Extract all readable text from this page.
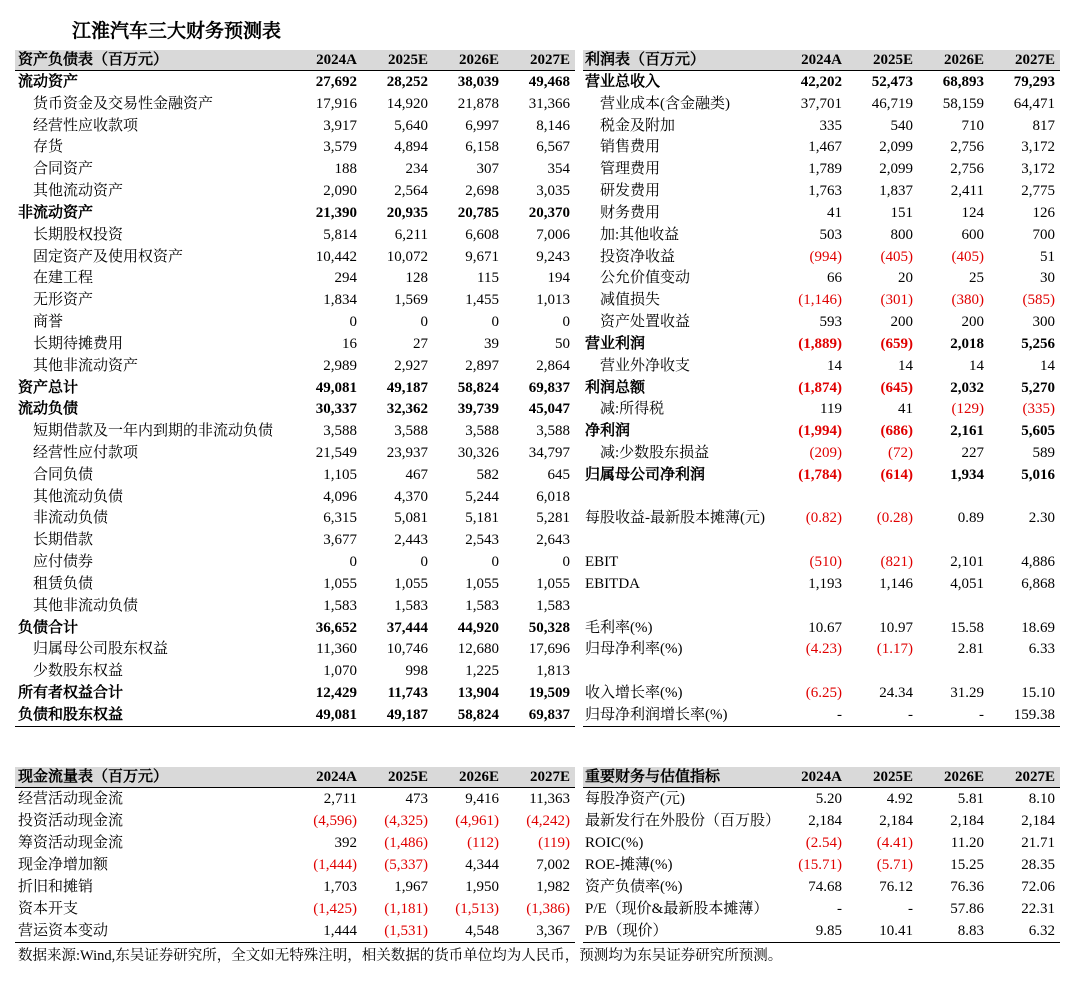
江淮汽车三大财务预测表
资产负债表（百万元）	2024A	2025E	2026E	2027E
流动资产	27,692	28,252	38,039	49,468
货币资金及交易性金融资产	17,916	14,920	21,878	31,366
经营性应收款项	3,917	5,640	6,997	8,146
存货	3,579	4,894	6,158	6,567
合同资产	188	234	307	354
其他流动资产	2,090	2,564	2,698	3,035
非流动资产	21,390	20,935	20,785	20,370
长期股权投资	5,814	6,211	6,608	7,006
固定资产及使用权资产	10,442	10,072	9,671	9,243
在建工程	294	128	115	194
无形资产	1,834	1,569	1,455	1,013
商誉	0	0	0	0
长期待摊费用	16	27	39	50
其他非流动资产	2,989	2,927	2,897	2,864
资产总计	49,081	49,187	58,824	69,837
流动负债	30,337	32,362	39,739	45,047
短期借款及一年内到期的非流动负债	3,588	3,588	3,588	3,588
经营性应付款项	21,549	23,937	30,326	34,797
合同负债	1,105	467	582	645
其他流动负债	4,096	4,370	5,244	6,018
非流动负债	6,315	5,081	5,181	5,281
长期借款	3,677	2,443	2,543	2,643
应付债券	0	0	0	0
租赁负债	1,055	1,055	1,055	1,055
其他非流动负债	1,583	1,583	1,583	1,583
负债合计	36,652	37,444	44,920	50,328
归属母公司股东权益	11,360	10,746	12,680	17,696
少数股东权益	1,070	998	1,225	1,813
所有者权益合计	12,429	11,743	13,904	19,509
负债和股东权益	49,081	49,187	58,824	69,837
利润表（百万元）	2024A	2025E	2026E	2027E
营业总收入	42,202	52,473	68,893	79,293
营业成本(含金融类)	37,701	46,719	58,159	64,471
税金及附加	335	540	710	817
销售费用	1,467	2,099	2,756	3,172
管理费用	1,789	2,099	2,756	3,172
研发费用	1,763	1,837	2,411	2,775
财务费用	41	151	124	126
加:其他收益	503	800	600	700
投资净收益	(994)	(405)	(405)	51
公允价值变动	66	20	25	30
减值损失	(1,146)	(301)	(380)	(585)
资产处置收益	593	200	200	300
营业利润	(1,889)	(659)	2,018	5,256
营业外净收支	14	14	14	14
利润总额	(1,874)	(645)	2,032	5,270
减:所得税	119	41	(129)	(335)
净利润	(1,994)	(686)	2,161	5,605
减:少数股东损益	(209)	(72)	227	589
归属母公司净利润	(1,784)	(614)	1,934	5,016
每股收益-最新股本摊薄(元)	(0.82)	(0.28)	0.89	2.30
EBIT	(510)	(821)	2,101	4,886
EBITDA	1,193	1,146	4,051	6,868
毛利率(%)	10.67	10.97	15.58	18.69
归母净利率(%)	(4.23)	(1.17)	2.81	6.33
收入增长率(%)	(6.25)	24.34	31.29	15.10
归母净利润增长率(%)	-	-	-	159.38
现金流量表（百万元）	2024A	2025E	2026E	2027E
经营活动现金流	2,711	473	9,416	11,363
投资活动现金流	(4,596)	(4,325)	(4,961)	(4,242)
筹资活动现金流	392	(1,486)	(112)	(119)
现金净增加额	(1,444)	(5,337)	4,344	7,002
折旧和摊销	1,703	1,967	1,950	1,982
资本开支	(1,425)	(1,181)	(1,513)	(1,386)
营运资本变动	1,444	(1,531)	4,548	3,367
重要财务与估值指标	2024A	2025E	2026E	2027E
每股净资产(元)	5.20	4.92	5.81	8.10
最新发行在外股份（百万股）	2,184	2,184	2,184	2,184
ROIC(%)	(2.54)	(4.41)	11.20	21.71
ROE-摊薄(%)	(15.71)	(5.71)	15.25	28.35
资产负债率(%)	74.68	76.12	76.36	72.06
P/E（现价&最新股本摊薄）	-	-	57.86	22.31
P/B（现价）	9.85	10.41	8.83	6.32
数据来源:Wind,东吴证券研究所，全文如无特殊注明，相关数据的货币单位均为人民币，预测均为东吴证券研究所预测。
